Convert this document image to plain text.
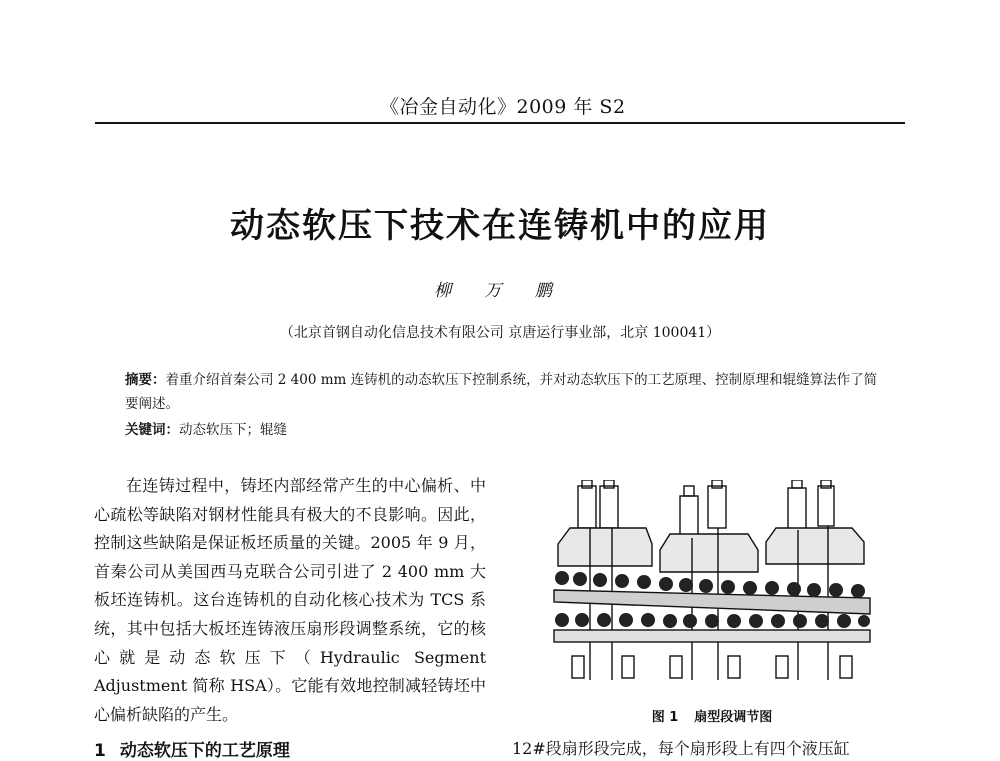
《冶金自动化》2009 年 S2
动态软压下技术在连铸机中的应用
柳 万 鹏
（北京首钢自动化信息技术有限公司 京唐运行事业部，北京 100041）
摘要：着重介绍首秦公司 2 400 mm 连铸机的动态软压下控制系统，并对动态软压下的工艺原理、控制原理和辊缝算法作了简要阐述。
关键词：动态软压下；辊缝

在连铸过程中，铸坯内部经常产生的中心偏析、中心疏松等缺陷对钢材性能具有极大的不良影响。因此，控制这些缺陷是保证板坯质量的关键。2005 年 9 月，首秦公司从美国西马克联合公司引进了 2 400 mm 大板坯连铸机。这台连铸机的自动化核心技术为 TCS 系统，其中包括大板坯连铸液压扇形段调整系统，它的核心就是动态软压下（Hydraulic Segment Adjustment 简称 HSA）。它能有效地控制减轻铸坯中心偏析缺陷的产生。

1 动态软压下的工艺原理
图 1 扇型段调节图
12#段扇形段完成，每个扇形段上有四个液压缸
